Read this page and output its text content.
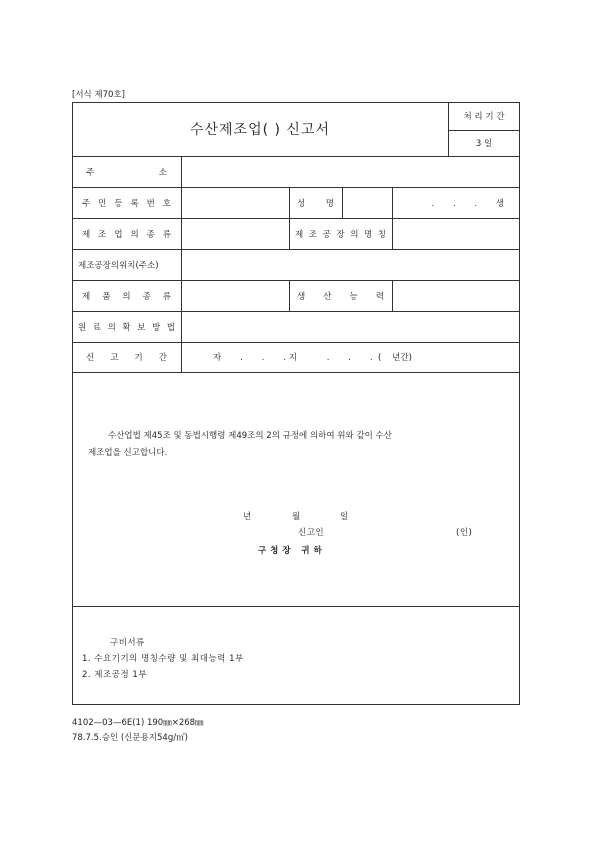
[서식 제70호]
수산제조업( ) 신고서
처 리 기 간
3 일
주	소
주 민 등 록 번 호	성 명	. . . 생
제 조 업 의 종 류	제 조 공 장 의 명 칭
제조공장의위치(주소)
제 품 의 종 류	생 산 능 력
원 료 의 확 보 방 법
신 고 기 간	자       .       .       . 지           .       .       .  (    년간)
수산업법 제45조 및 동법시행령 제49조의 2의 규정에 의하여 위와 같이 수산
제조업을 신고합니다.
년	월	일
신고인	(인)
구 청 장   귀 하
구비서류
1. 수요기기의 명칭수량 및 최대능력 1부
2. 제조공정 1부
4102—03—6E(1) 190㎜×268㎜
78.7.5.승인 (신문용지54g/㎡)
